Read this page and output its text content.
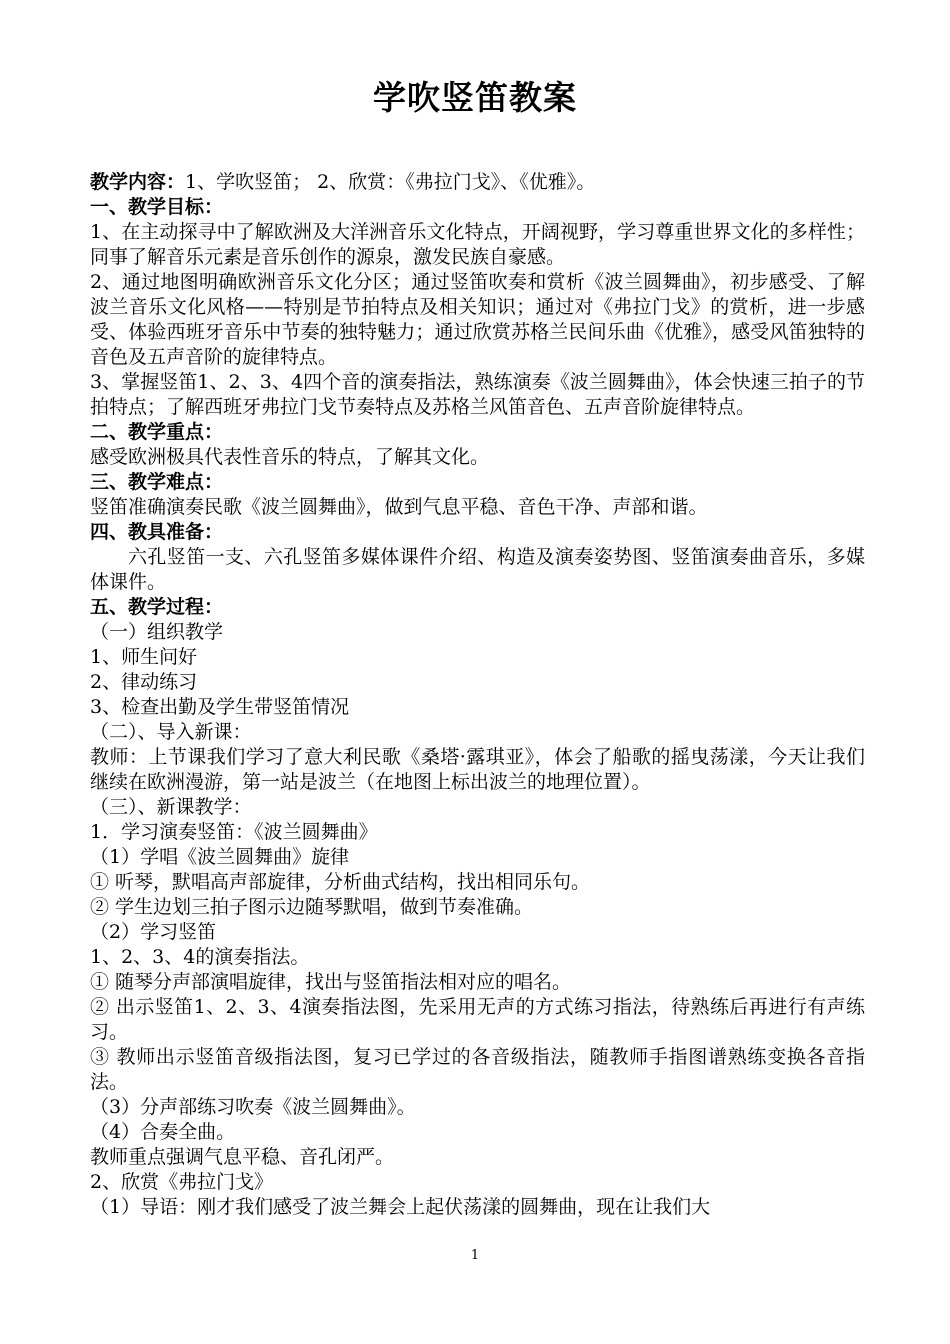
学吹竖笛教案

教学内容：1、学吹竖笛； 2、欣赏：《弗拉门戈》、《优雅》。

一、教学目标：

1、在主动探寻中了解欧洲及大洋洲音乐文化特点，开阔视野，学习尊重世界文化的多样性；同事了解音乐元素是音乐创作的源泉，激发民族自豪感。

2、通过地图明确欧洲音乐文化分区；通过竖笛吹奏和赏析《波兰圆舞曲》，初步感受、了解波兰音乐文化风格——特别是节拍特点及相关知识；通过对《弗拉门戈》的赏析，进一步感受、体验西班牙音乐中节奏的独特魅力；通过欣赏苏格兰民间乐曲《优雅》，感受风笛独特的音色及五声音阶的旋律特点。

3、掌握竖笛1、2、3、4四个音的演奏指法，熟练演奏《波兰圆舞曲》，体会快速三拍子的节拍特点；了解西班牙弗拉门戈节奏特点及苏格兰风笛音色、五声音阶旋律特点。

二、教学重点：

感受欧洲极具代表性音乐的特点，了解其文化。

三、教学难点：

竖笛准确演奏民歌《波兰圆舞曲》，做到气息平稳、音色干净、声部和谐。

四、教具准备：

六孔竖笛一支、六孔竖笛多媒体课件介绍、构造及演奏姿势图、竖笛演奏曲音乐，多媒体课件。

五、教学过程：

（一）组织教学

1、师生问好

2、律动练习

3、检查出勤及学生带竖笛情况

（二）、导入新课：

教师：上节课我们学习了意大利民歌《桑塔·露琪亚》，体会了船歌的摇曳荡漾，今天让我们继续在欧洲漫游，第一站是波兰（在地图上标出波兰的地理位置）。

（三）、新课教学：

1．学习演奏竖笛：《波兰圆舞曲》

（1）学唱《波兰圆舞曲》旋律

① 听琴，默唱高声部旋律，分析曲式结构，找出相同乐句。

② 学生边划三拍子图示边随琴默唱，做到节奏准确。

（2）学习竖笛

1、2、3、4的演奏指法。

① 随琴分声部演唱旋律，找出与竖笛指法相对应的唱名。

② 出示竖笛1、2、3、4演奏指法图，先采用无声的方式练习指法，待熟练后再进行有声练习。

③ 教师出示竖笛音级指法图，复习已学过的各音级指法，随教师手指图谱熟练变换各音指法。

（3）分声部练习吹奏《波兰圆舞曲》。

（4）合奏全曲。

教师重点强调气息平稳、音孔闭严。

2、欣赏《弗拉门戈》

（1）导语：刚才我们感受了波兰舞会上起伏荡漾的圆舞曲，现在让我们大

1
